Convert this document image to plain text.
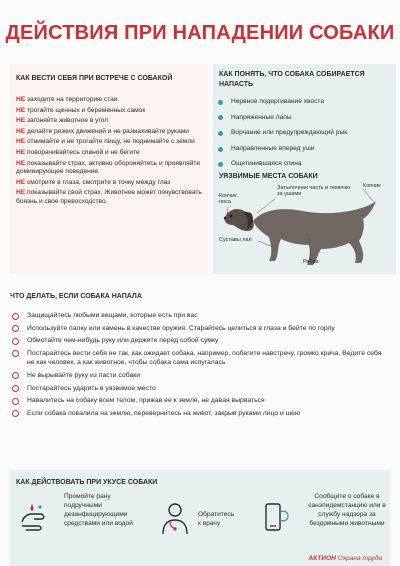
ДЕЙСТВИЯ ПРИ НАПАДЕНИИ СОБАКИ
КАК ВЕСТИ СЕБЯ ПРИ ВСТРЕЧЕ С СОБАКОЙ
НЕ заходите на территорию стаи
НЕ трогайте щенных и беременных самок
НЕ загоняйте животное в угол
НЕ делайте резких движений и не размахивайте руками
НЕ отнимайте и не трогайте пищу, не поднимайте с земли
НЕ поворачивайтесь спиной и не бегите
НЕ показывайте страх, активно обороняйтесь и проявляйте доминирующее поведение
НЕ смотрите в глаза, смотрите в точку между глаз
НЕ показывайте свой страх. Животное может почувствовать боязнь и свое превосходство
КАК ПОНЯТЬ, ЧТО СОБАКА СОБИРАЕТСЯ НАПАСТЬ
Нервное подергивание хвоста
Напряженные лапы
Ворчание или предупреждающий рык
Направленные вперед уши
Ощетинившаяся спина
УЯЗВИМЫЕ МЕСТА СОБАКИ
Кончик носа
Затылочная часть и темечко за ушами
Копчик
Суставы лап
Ребра
ЧТО ДЕЛАТЬ, ЕСЛИ СОБАКА НАПАЛА
Защищайтесь любыми вещами, которые есть при вас
Используйте палку или камень в качестве оружия. Старайтесь целиться в глаза и бейте по горлу
Обмотайте чем-нибудь руку или держите перед собой сумку
Постарайтесь вести себя не так, как ожидает собака, например, побегите навстречу, громко крича. Ведите себя не как человек, а как животное, чтобы собака сама испугалась
Не вырывайте руку из пасти собаки
Постарайтесь ударить в уязвимое место
Навалитесь на собаку всем телом, прижав ее к земле, не давая вырваться
Если собака повалила на землю, перевернитесь на живот, закрыв руками лицо и шею
КАК ДЕЙСТВОВАТЬ ПРИ УКУСЕ СОБАКИ
Промойте рану подручными дезинфицирующими средствами или водой
Обратитесь к врачу
Сообщите о собаке в санэпидемстанцию или в службу надзора за бездомными животными
АКТИОН Охрана труда
